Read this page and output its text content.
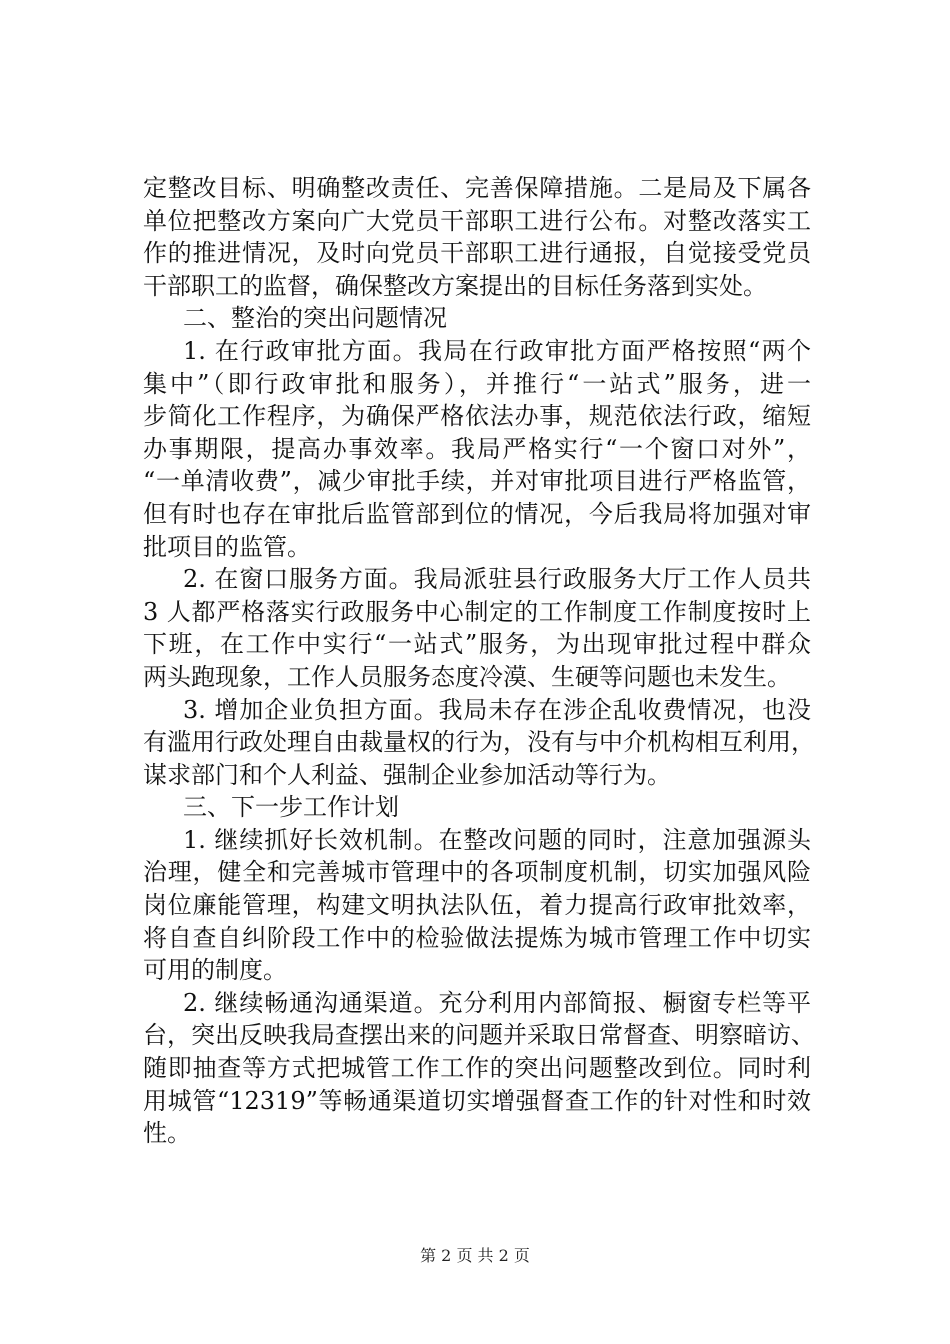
定整改目标、明确整改责任、完善保障措施。二是局及下属各
单位把整改方案向广大党员干部职工进行公布。对整改落实工
作的推进情况，及时向党员干部职工进行通报，自觉接受党员
干部职工的监督，确保整改方案提出的目标任务落到实处。
二、整治的突出问题情况
1. 在行政审批方面。我局在行政审批方面严格按照“两个
集中”（即行政审批和服务），并推行“一站式”服务，进一
步简化工作程序，为确保严格依法办事，规范依法行政，缩短
办事期限，提高办事效率。我局严格实行“一个窗口对外”，
“一单清收费”，减少审批手续，并对审批项目进行严格监管，
但有时也存在审批后监管部到位的情况，今后我局将加强对审
批项目的监管。
2. 在窗口服务方面。我局派驻县行政服务大厅工作人员共
3 人都严格落实行政服务中心制定的工作制度工作制度按时上
下班，在工作中实行“一站式”服务，为出现审批过程中群众
两头跑现象，工作人员服务态度冷漠、生硬等问题也未发生。
3. 增加企业负担方面。我局未存在涉企乱收费情况，也没
有滥用行政处理自由裁量权的行为，没有与中介机构相互利用，
谋求部门和个人利益、强制企业参加活动等行为。
三、下一步工作计划
1. 继续抓好长效机制。在整改问题的同时，注意加强源头
治理，健全和完善城市管理中的各项制度机制，切实加强风险
岗位廉能管理，构建文明执法队伍，着力提高行政审批效率，
将自查自纠阶段工作中的检验做法提炼为城市管理工作中切实
可用的制度。
2. 继续畅通沟通渠道。充分利用内部简报、橱窗专栏等平
台，突出反映我局查摆出来的问题并采取日常督查、明察暗访、
随即抽查等方式把城管工作工作的突出问题整改到位。同时利
用城管“12319”等畅通渠道切实增强督查工作的针对性和时效
性。
第 2 页 共 2 页
